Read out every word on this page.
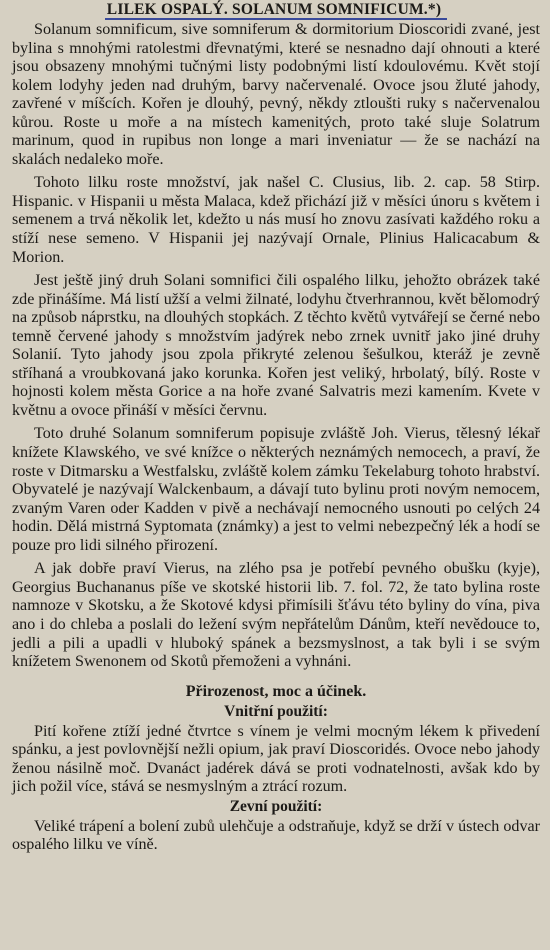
LILEK OSPALÝ. SOLANUM SOMNIFICUM.*)

Solanum somnificum, sive somniferum & dormitorium Dioscoridi zvané, jest bylina s mnohými ratolestmi dřevnatými, které se nesnadno dají ohnouti a které jsou obsazeny mnohými tučnými listy podobnými listí kdoulovému. Květ stojí kolem lodyhy jeden nad druhým, barvy načervenalé. Ovoce jsou žluté jahody, zavřené v míšcích. Kořen je dlouhý, pevný, někdy ztloušti ruky s načervenalou kůrou. Roste u moře a na místech kamenitých, proto také sluje Solatrum marinum, quod in rupibus non longe a mari inveniatur — že se nachází na skalách nedaleko moře.

Tohoto lilku roste množství, jak našel C. Clusius, lib. 2. cap. 58 Stirp. Hispanic. v Hispanii u města Malaca, kdež přichází již v měsíci únoru s květem i semenem a trvá několik let, kdežto u nás musí ho znovu zasívati každého roku a stíží nese semeno. V Hispanii jej nazývají Ornale, Plinius Halicacabum & Morion.

Jest ještě jiný druh Solani somnifici čili ospalého lilku, jehožto obrázek také zde přinášíme. Má listí užší a velmi žilnaté, lodyhu čtverhrannou, květ bělomodrý na způsob náprstku, na dlouhých stopkách. Z těchto květů vytvářejí se černé nebo temně červené jahody s množstvím jadýrek nebo zrnek uvnitř jako jiné druhy Solanií. Tyto jahody jsou zpola přikryté zelenou šešulkou, kteráž je zevně stříhaná a vroubkovaná jako korunka. Kořen jest veliký, hrbolatý, bílý. Roste v hojnosti kolem města Gorice a na hoře zvané Salvatris mezi kamením. Kvete v květnu a ovoce přináší v měsíci červnu.

Toto druhé Solanum somniferum popisuje zvláště Joh. Vierus, tělesný lékař knížete Klawského, ve své knížce o některých neznámých nemocech, a praví, že roste v Ditmarsku a Westfalsku, zvláště kolem zámku Tekelaburg tohoto hrabství. Obyvatelé je nazývají Walckenbaum, a dávají tuto bylinu proti novým nemocem, zvaným Varen oder Kadden v pivě a nechávají nemocného usnouti po celých 24 hodin. Dělá mistrná Syptomata (známky) a jest to velmi nebezpečný lék a hodí se pouze pro lidi silného přirození.

A jak dobře praví Vierus, na zlého psa je potřebí pevného obušku (kyje), Georgius Buchananus píše ve skotské historii lib. 7. fol. 72, že tato bylina roste namnoze v Skotsku, a že Skotové kdysi přimísili šťávu této byliny do vína, piva ano i do chleba a poslali do ležení svým nepřátelům Dánům, kteří nevědouce to, jedli a pili a upadli v hluboký spánek a bezsmyslnost, a tak byli i se svým knížetem Swenonem od Skotů přemoženi a vyhnáni.

Přirozenost, moc a účinek.
Vnitřní použití:

Pití kořene ztíží jedné čtvrtce s vínem je velmi mocným lékem k přivedení spánku, a jest povlovnější nežli opium, jak praví Dioscoridés. Ovoce nebo jahody ženou násilně moč. Dvanáct jadérek dává se proti vodnatelnosti, avšak kdo by jich požil více, stává se nesmyslným a ztrácí rozum.

Zevní použití:

Veliké trápení a bolení zubů ulehčuje a odstraňuje, když se drží v ústech odvar ospalého lilku ve víně.
